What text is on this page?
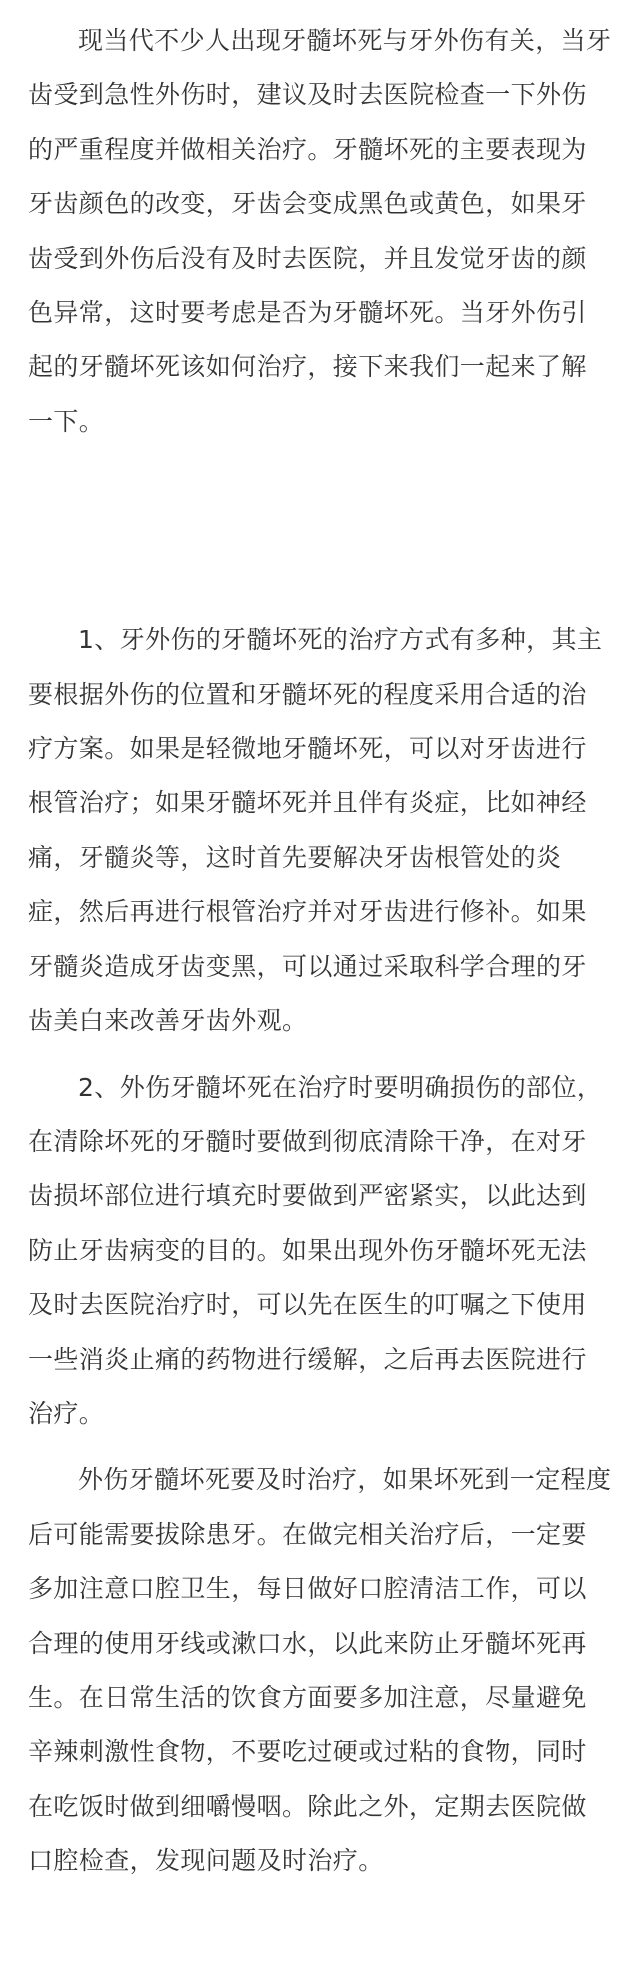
现当代不少人出现牙髓坏死与牙外伤有关，当牙齿受到急性外伤时，建议及时去医院检查一下外伤的严重程度并做相关治疗。牙髓坏死的主要表现为牙齿颜色的改变，牙齿会变成黑色或黄色，如果牙齿受到外伤后没有及时去医院，并且发觉牙齿的颜色异常，这时要考虑是否为牙髓坏死。当牙外伤引起的牙髓坏死该如何治疗，接下来我们一起来了解一下。

1、牙外伤的牙髓坏死的治疗方式有多种，其主要根据外伤的位置和牙髓坏死的程度采用合适的治疗方案。如果是轻微地牙髓坏死，可以对牙齿进行根管治疗；如果牙髓坏死并且伴有炎症，比如神经痛，牙髓炎等，这时首先要解决牙齿根管处的炎症，然后再进行根管治疗并对牙齿进行修补。如果牙髓炎造成牙齿变黑，可以通过采取科学合理的牙齿美白来改善牙齿外观。

2、外伤牙髓坏死在治疗时要明确损伤的部位，在清除坏死的牙髓时要做到彻底清除干净，在对牙齿损坏部位进行填充时要做到严密紧实，以此达到防止牙齿病变的目的。如果出现外伤牙髓坏死无法及时去医院治疗时，可以先在医生的叮嘱之下使用一些消炎止痛的药物进行缓解，之后再去医院进行治疗。

外伤牙髓坏死要及时治疗，如果坏死到一定程度后可能需要拔除患牙。在做完相关治疗后，一定要多加注意口腔卫生，每日做好口腔清洁工作，可以合理的使用牙线或漱口水，以此来防止牙髓坏死再生。在日常生活的饮食方面要多加注意，尽量避免辛辣刺激性食物，不要吃过硬或过粘的食物，同时在吃饭时做到细嚼慢咽。除此之外，定期去医院做口腔检查，发现问题及时治疗。
